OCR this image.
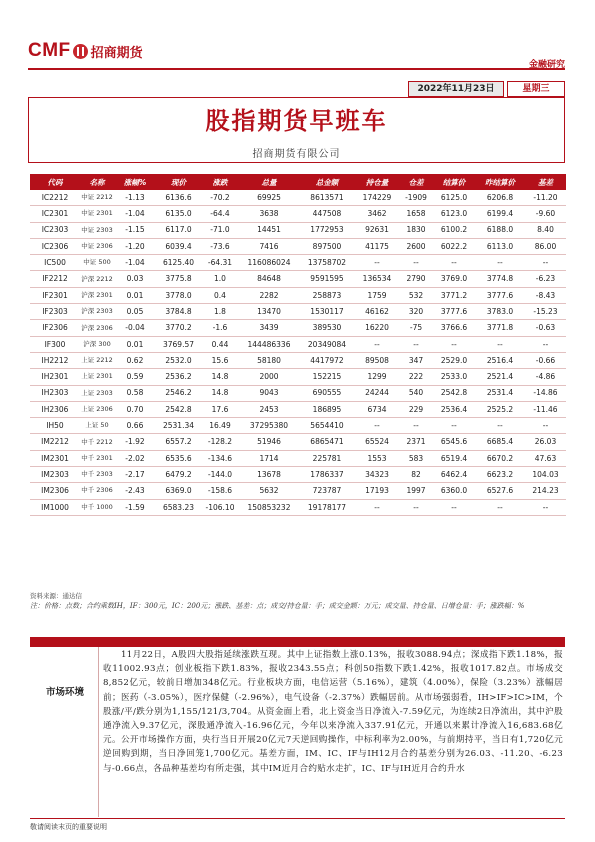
CMF 招商期货
金融研究
2022年11月23日	星期三
股指期货早班车
招商期货有限公司
代码	名称	涨幅%	现价	涨跌	总量	总金额	持仓量	仓差	结算价	昨结算价	基差
IC2212	中证 2212	-1.13	6136.6	-70.2	69925	8613571	174229	-1909	6125.0	6206.8	-11.20
IC2301	中证 2301	-1.04	6135.0	-64.4	3638	447508	3462	1658	6123.0	6199.4	-9.60
IC2303	中证 2303	-1.15	6117.0	-71.0	14451	1772953	92631	1830	6100.2	6188.0	8.40
IC2306	中证 2306	-1.20	6039.4	-73.6	7416	897500	41175	2600	6022.2	6113.0	86.00
IC500	中证 500	-1.04	6125.40	-64.31	116086024	13758702	--	--	--	--	--
IF2212	沪深 2212	0.03	3775.8	1.0	84648	9591595	136534	2790	3769.0	3774.8	-6.23
IF2301	沪深 2301	0.01	3778.0	0.4	2282	258873	1759	532	3771.2	3777.6	-8.43
IF2303	沪深 2303	0.05	3784.8	1.8	13470	1530117	46162	320	3777.6	3783.0	-15.23
IF2306	沪深 2306	-0.04	3770.2	-1.6	3439	389530	16220	-75	3766.6	3771.8	-0.63
IF300	沪深 300	0.01	3769.57	0.44	144486336	20349084	--	--	--	--	--
IH2212	上证 2212	0.62	2532.0	15.6	58180	4417972	89508	347	2529.0	2516.4	-0.66
IH2301	上证 2301	0.59	2536.2	14.8	2000	152215	1299	222	2533.0	2521.4	-4.86
IH2303	上证 2303	0.58	2546.2	14.8	9043	690555	24244	540	2542.8	2531.4	-14.86
IH2306	上证 2306	0.70	2542.8	17.6	2453	186895	6734	229	2536.4	2525.2	-11.46
IH50	上证 50	0.66	2531.34	16.49	37295380	5654410	--	--	--	--	--
IM2212	中千 2212	-1.92	6557.2	-128.2	51946	6865471	65524	2371	6545.6	6685.4	26.03
IM2301	中千 2301	-2.02	6535.6	-134.6	1714	225781	1553	583	6519.4	6670.2	47.63
IM2303	中千 2303	-2.17	6479.2	-144.0	13678	1786337	34323	82	6462.4	6623.2	104.03
IM2306	中千 2306	-2.43	6369.0	-158.6	5632	723787	17193	1997	6360.0	6527.6	214.23
IM1000	中千 1000	-1.59	6583.23	-106.10	150853232	19178177	--	--	--	--	--
资料来源：通达信
注：价格：点数；合约乘数IH，IF：300元，IC：200元；涨跌、基差：点；成交/持仓量：手；成交金额：万元；成交量、持仓量、日增仓量：手；涨跌幅：%
市场环境
11月22日，A股四大股指延续涨跌互现。其中上证指数上涨0.13%，报收3088.94点；深成指下跌1.18%，报收11002.93点；创业板指下跌1.83%，报收2343.55点；科创50指数下跌1.42%，报收1017.82点。市场成交8,852亿元，较前日增加348亿元。行业板块方面，电信运营（5.16%），建筑（4.00%），保险（3.23%）涨幅居前；医药（-3.05%），医疗保健（-2.96%），电气设备（-2.37%）跌幅居前。从市场强弱看，IH>IF>IC>IM，个股涨/平/跌分别为1,155/121/3,704。从资金面上看，北上资金当日净流入-7.59亿元，为连续2日净流出，其中沪股通净流入9.37亿元，深股通净流入-16.96亿元，今年以来净流入337.91亿元，开通以来累计净流入16,683.68亿元。公开市场操作方面，央行当日开展20亿元7天逆回购操作，中标利率为2.00%，与前期持平，当日有1,720亿元逆回购到期，当日净回笼1,700亿元。基差方面，IM、IC、IF与IH12月合约基差分别为26.03、-11.20、-6.23与-0.66点，各品种基差均有所走强，其中IM近月合约贴水走扩，IC、IF与IH近月合约升水
敬请阅读末页的重要说明
